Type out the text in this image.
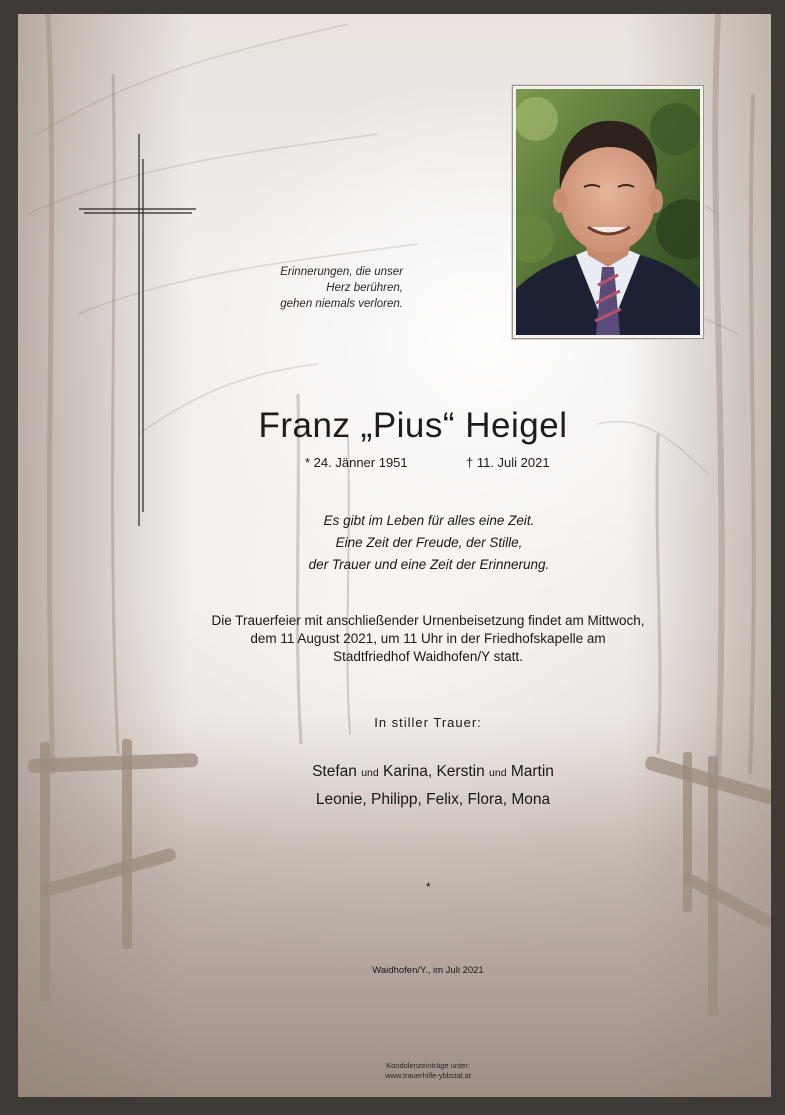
Erinnerungen, die unser
Herz berühren,
gehen niemals verloren.
Franz „Pius“ Heigel
* 24. Jänner 1951	† 11. Juli 2021
Es gibt im Leben für alles eine Zeit.
Eine Zeit der Freude, der Stille,
der Trauer und eine Zeit der Erinnerung.
Die Trauerfeier mit anschließender Urnenbeisetzung findet am Mittwoch,
dem 11 August 2021, um 11 Uhr in der Friedhofskapelle am
Stadtfriedhof Waidhofen/Y statt.
In stiller Trauer:
Stefan und Karina, Kerstin und Martin
Leonie, Philipp, Felix, Flora, Mona
*
Waidhofen/Y., im Juli 2021
Kondolenzeinträge unter:
www.trauerhilfe-ybbstal.at
